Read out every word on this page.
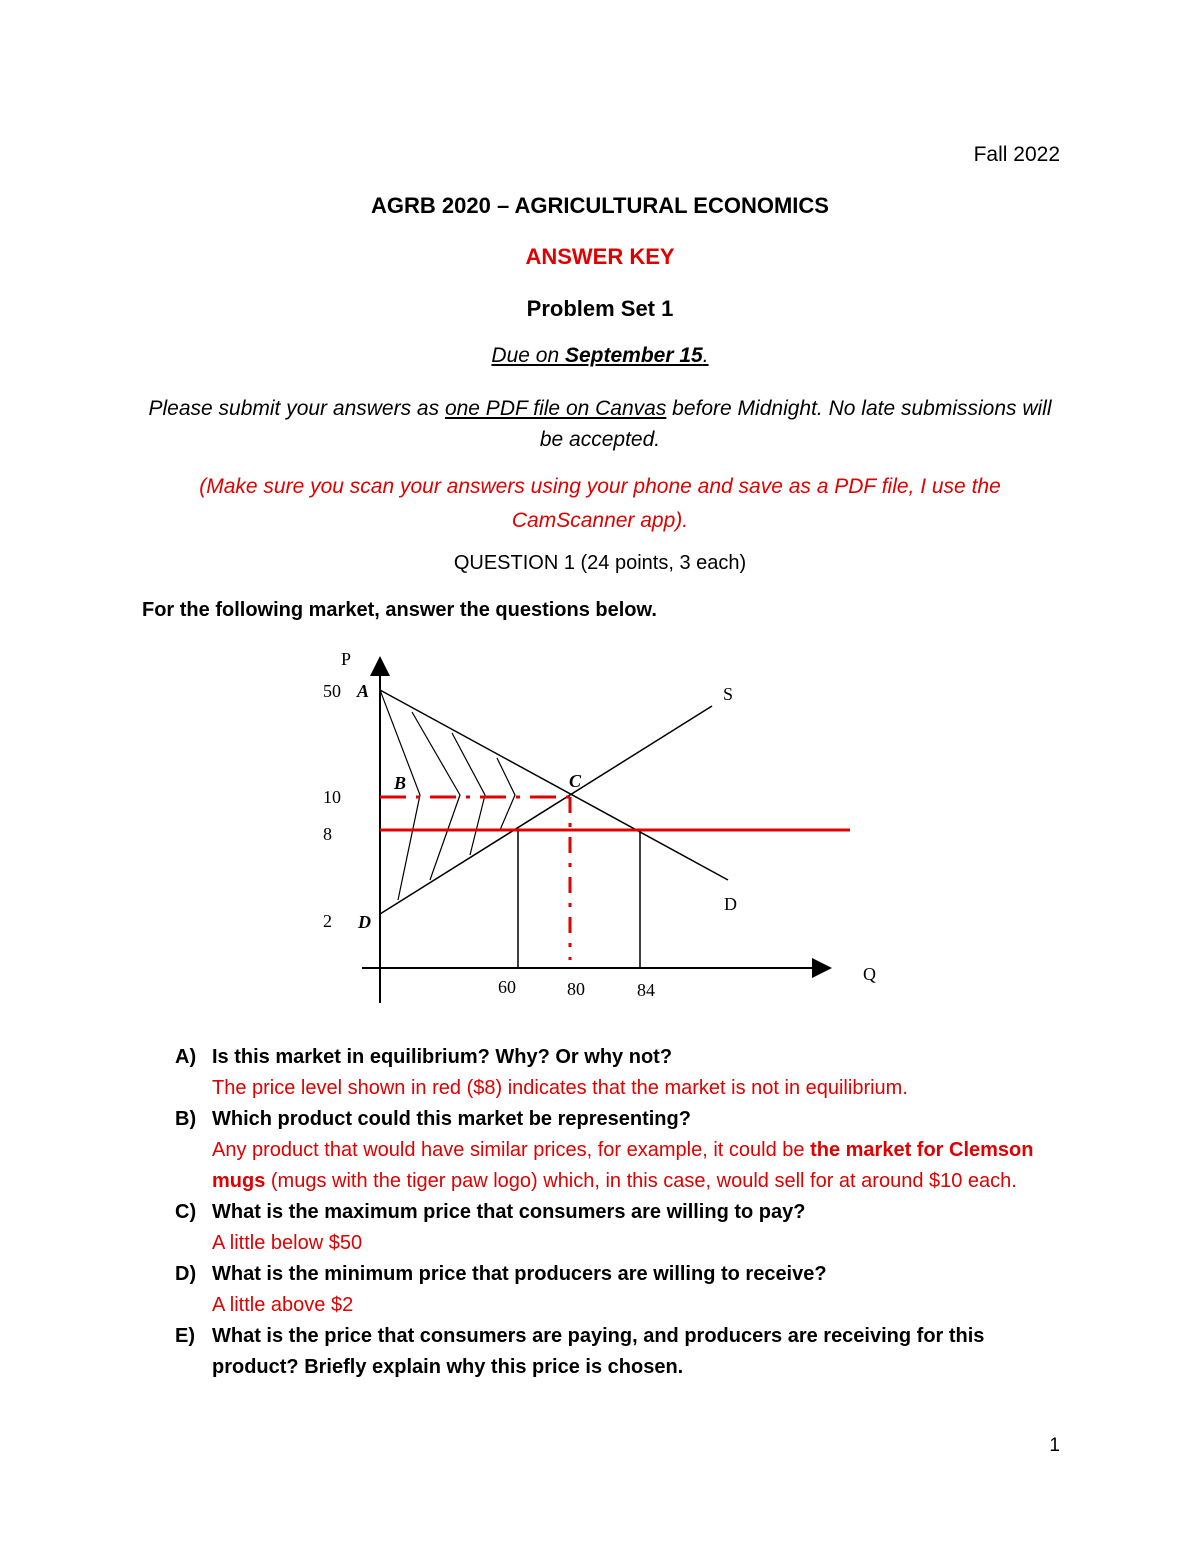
Fall 2022
AGRB 2020 – AGRICULTURAL ECONOMICS
ANSWER KEY
Problem Set 1
Due on September 15.
Please submit your answers as one PDF file on Canvas before Midnight. No late submissions will be accepted.
(Make sure you scan your answers using your phone and save as a PDF file, I use the CamScanner app).
QUESTION 1 (24 points, 3 each)
For the following market, answer the questions below.
P
Q
S
D
A
B	C
D
50
10
8
2
60	80	84
A) Is this market in equilibrium? Why? Or why not?
The price level shown in red ($8) indicates that the market is not in equilibrium.
B) Which product could this market be representing?
Any product that would have similar prices, for example, it could be the market for Clemson mugs (mugs with the tiger paw logo) which, in this case, would sell for at around $10 each.
C) What is the maximum price that consumers are willing to pay?
A little below $50
D) What is the minimum price that producers are willing to receive?
A little above $2
E) What is the price that consumers are paying, and producers are receiving for this product? Briefly explain why this price is chosen.
1
